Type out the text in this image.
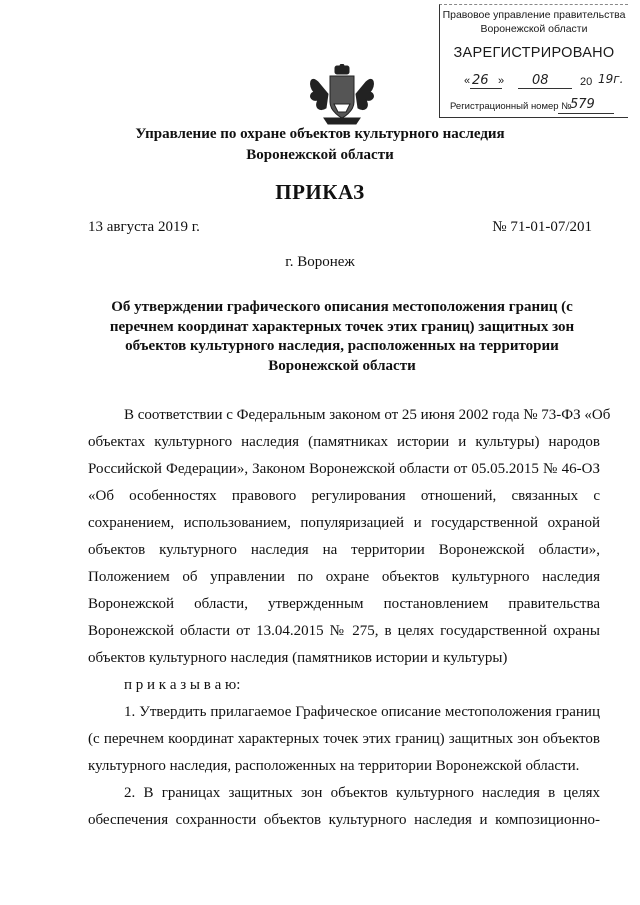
Правовое управление правительства
Воронежской области
ЗАРЕГИСТРИРОВАНО
« 26 » 08	20 19г.
Регистрационный номер №
579
Управление по охране объектов культурного наследия
Воронежской области
ПРИКАЗ
13 августа 2019 г.	№ 71-01-07/201
г. Воронеж
Об утверждении графического описания местоположения границ (с перечнем координат характерных точек этих границ) защитных зон объектов культурного наследия, расположенных на территории Воронежской области
В соответствии с Федеральным законом от 25 июня 2002 года № 73-ФЗ «Об
объектах культурного наследия (памятниках истории и культуры) народов
Российской Федерации», Законом Воронежской области от 05.05.2015 № 46-ОЗ
«Об особенностях правового регулирования отношений, связанных с
сохранением, использованием, популяризацией и государственной охраной
объектов культурного наследия на территории Воронежской области»,
Положением об управлении по охране объектов культурного наследия
Воронежской области, утвержденным постановлением правительства
Воронежской области от 13.04.2015 № 275, в целях государственной охраны
объектов культурного наследия (памятников истории и культуры)
п р и к а з ы в а ю:
1. Утвердить прилагаемое Графическое описание местоположения границ
(с перечнем координат характерных точек этих границ) защитных зон объектов
культурного наследия, расположенных на территории Воронежской области.
2. В границах защитных зон объектов культурного наследия в целях
обеспечения сохранности объектов культурного наследия и композиционно-
